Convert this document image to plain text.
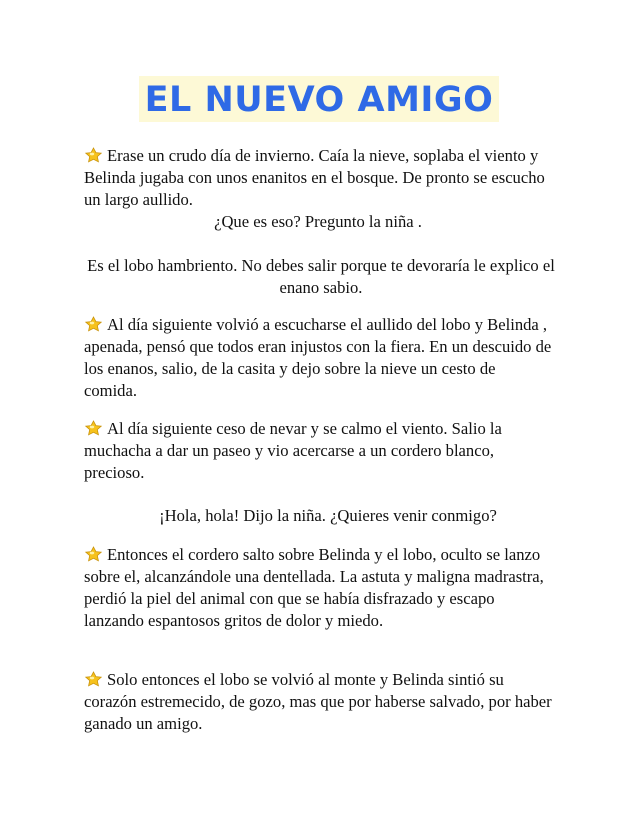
EL NUEVO AMIGO

Erase un crudo día de invierno. Caía la nieve, soplaba el viento y Belinda jugaba con unos enanitos en el bosque. De pronto se escucho un largo aullido.

¿Que es eso? Pregunto la niña .

Es el lobo hambriento. No debes salir porque te devoraría le explico el enano sabio.

Al día siguiente volvió a escucharse el aullido del lobo y Belinda , apenada, pensó que todos eran injustos con la fiera. En un descuido de los enanos, salio, de la casita y dejo sobre la nieve un cesto de comida.

Al día siguiente ceso de nevar y se calmo el viento. Salio la muchacha a dar un paseo y vio acercarse a un cordero blanco, precioso.

¡Hola, hola! Dijo la niña. ¿Quieres venir conmigo?

Entonces el cordero salto sobre Belinda y el lobo, oculto se lanzo sobre el, alcanzándole una dentellada. La astuta y maligna madrastra, perdió la piel del animal con que se había disfrazado y escapo lanzando espantosos gritos de dolor y miedo.

Solo entonces el lobo se volvió al monte y Belinda sintió su corazón estremecido, de gozo, mas que por haberse salvado, por haber ganado un amigo.
